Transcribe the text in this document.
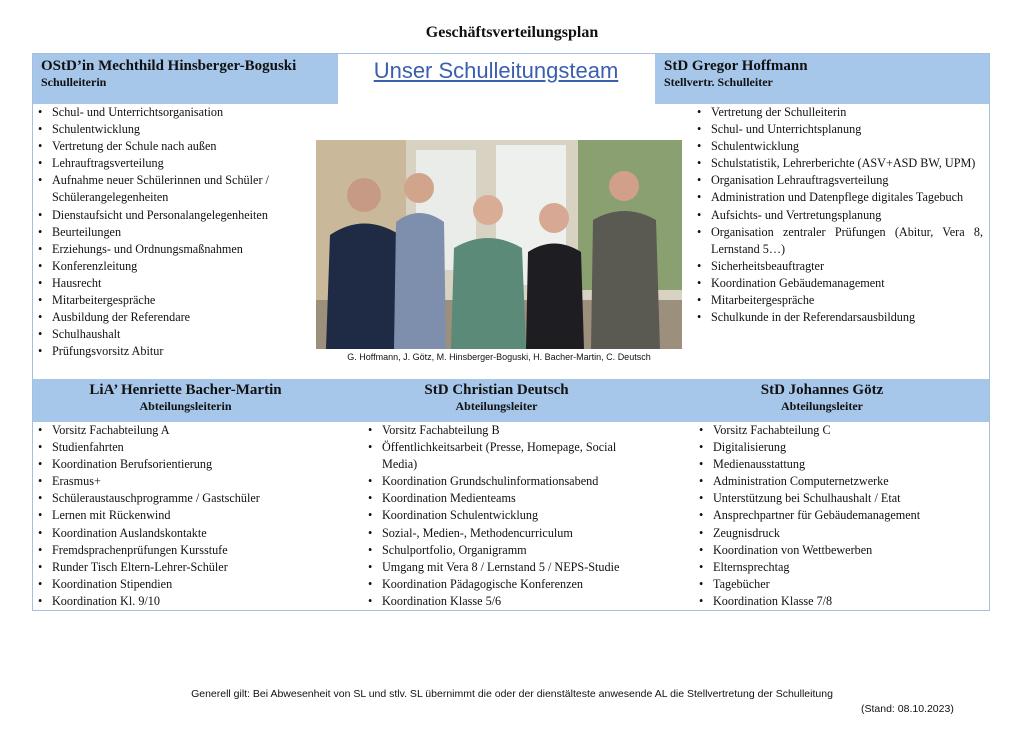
Geschäftsverteilungsplan
OStD’in Mechthild Hinsberger-Boguski
Schulleiterin
• Schul- und Unterrichtsorganisation
• Schulentwicklung
• Vertretung der Schule nach außen
• Lehrauftragsverteilung
• Aufnahme neuer Schülerinnen und Schüler / Schülerangelegenheiten
• Dienstaufsicht und Personalangelegenheiten
• Beurteilungen
• Erziehungs- und Ordnungsmaßnahmen
• Konferenzleitung
• Hausrecht
• Mitarbeitergespräche
• Ausbildung der Referendare
• Schulhaushalt
• Prüfungsvorsitz Abitur
Unser Schulleitungsteam
G. Hoffmann, J. Götz, M. Hinsberger-Boguski, H. Bacher-Martin, C. Deutsch
StD Gregor Hoffmann
Stellvertr. Schulleiter
• Vertretung der Schulleiterin
• Schul- und Unterrichtsplanung
• Schulentwicklung
• Schulstatistik, Lehrerberichte (ASV+ASD BW, UPM)
• Organisation Lehrauftragsverteilung
• Administration und Datenpflege digitales Tagebuch
• Aufsichts- und Vertretungsplanung
• Organisation zentraler Prüfungen (Abitur, Vera 8, Lernstand 5…)
• Sicherheitsbeauftragter
• Koordination Gebäudemanagement
• Mitarbeitergespräche
• Schulkunde in der Referendarsausbildung
LiA’ Henriette Bacher-Martin
Abteilungsleiterin
StD Christian Deutsch
Abteilungsleiter
StD Johannes Götz
Abteilungsleiter
• Vorsitz Fachabteilung A
• Studienfahrten
• Koordination Berufsorientierung
• Erasmus+
• Schüleraustauschprogramme / Gastschüler
• Lernen mit Rückenwind
• Koordination Auslandskontakte
• Fremdsprachenprüfungen Kursstufe
• Runder Tisch Eltern-Lehrer-Schüler
• Koordination Stipendien
• Koordination Kl. 9/10
• Vorsitz Fachabteilung B
• Öffentlichkeitsarbeit (Presse, Homepage, Social Media)
• Koordination Grundschulinformationsabend
• Koordination Medienteams
• Koordination Schulentwicklung
• Sozial-, Medien-, Methodencurriculum
• Schulportfolio, Organigramm
• Umgang mit Vera 8 / Lernstand 5 / NEPS-Studie
• Koordination Pädagogische Konferenzen
• Koordination Klasse 5/6
• Vorsitz Fachabteilung C
• Digitalisierung
• Medienausstattung
• Administration Computernetzwerke
• Unterstützung bei Schulhaushalt / Etat
• Ansprechpartner für Gebäudemanagement
• Zeugnisdruck
• Koordination von Wettbewerben
• Elternsprechtag
• Tagebücher
• Koordination Klasse 7/8
Generell gilt: Bei Abwesenheit von SL und stlv. SL übernimmt die oder der dienstälteste anwesende AL die Stellvertretung der Schulleitung
(Stand: 08.10.2023)
